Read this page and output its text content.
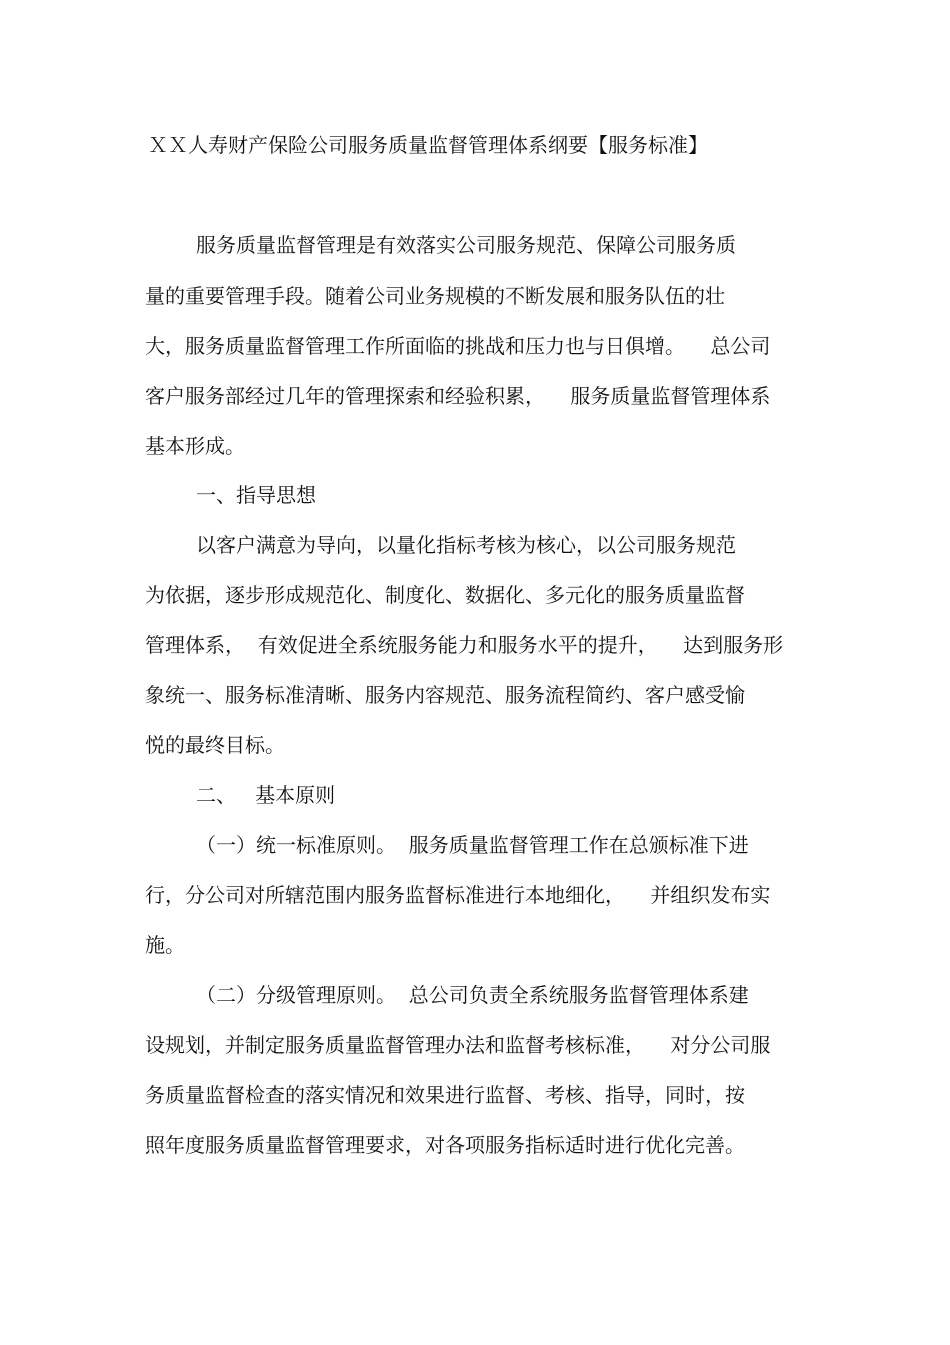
ＸＸ人寿财产保险公司服务质量监督管理体系纲要【服务标准】
服务质量监督管理是有效落实公司服务规范、保障公司服务质
量的重要管理手段。随着公司业务规模的不断发展和服务队伍的壮
大，服务质量监督管理工作所面临的挑战和压力也与日俱增。    总公司
客户服务部经过几年的管理探索和经验积累，    服务质量监督管理体系
基本形成。
一、指导思想
以客户满意为导向，以量化指标考核为核心，以公司服务规范
为依据，逐步形成规范化、制度化、数据化、多元化的服务质量监督
管理体系，  有效促进全系统服务能力和服务水平的提升，    达到服务形
象统一、服务标准清晰、服务内容规范、服务流程简约、客户感受愉
悦的最终目标。
二、   基本原则
（一）统一标准原则。  服务质量监督管理工作在总颁标准下进
行，分公司对所辖范围内服务监督标准进行本地细化，    并组织发布实
施。
（二）分级管理原则。  总公司负责全系统服务监督管理体系建
设规划，并制定服务质量监督管理办法和监督考核标准，    对分公司服
务质量监督检查的落实情况和效果进行监督、考核、指导，同时，按
照年度服务质量监督管理要求，对各项服务指标适时进行优化完善。
